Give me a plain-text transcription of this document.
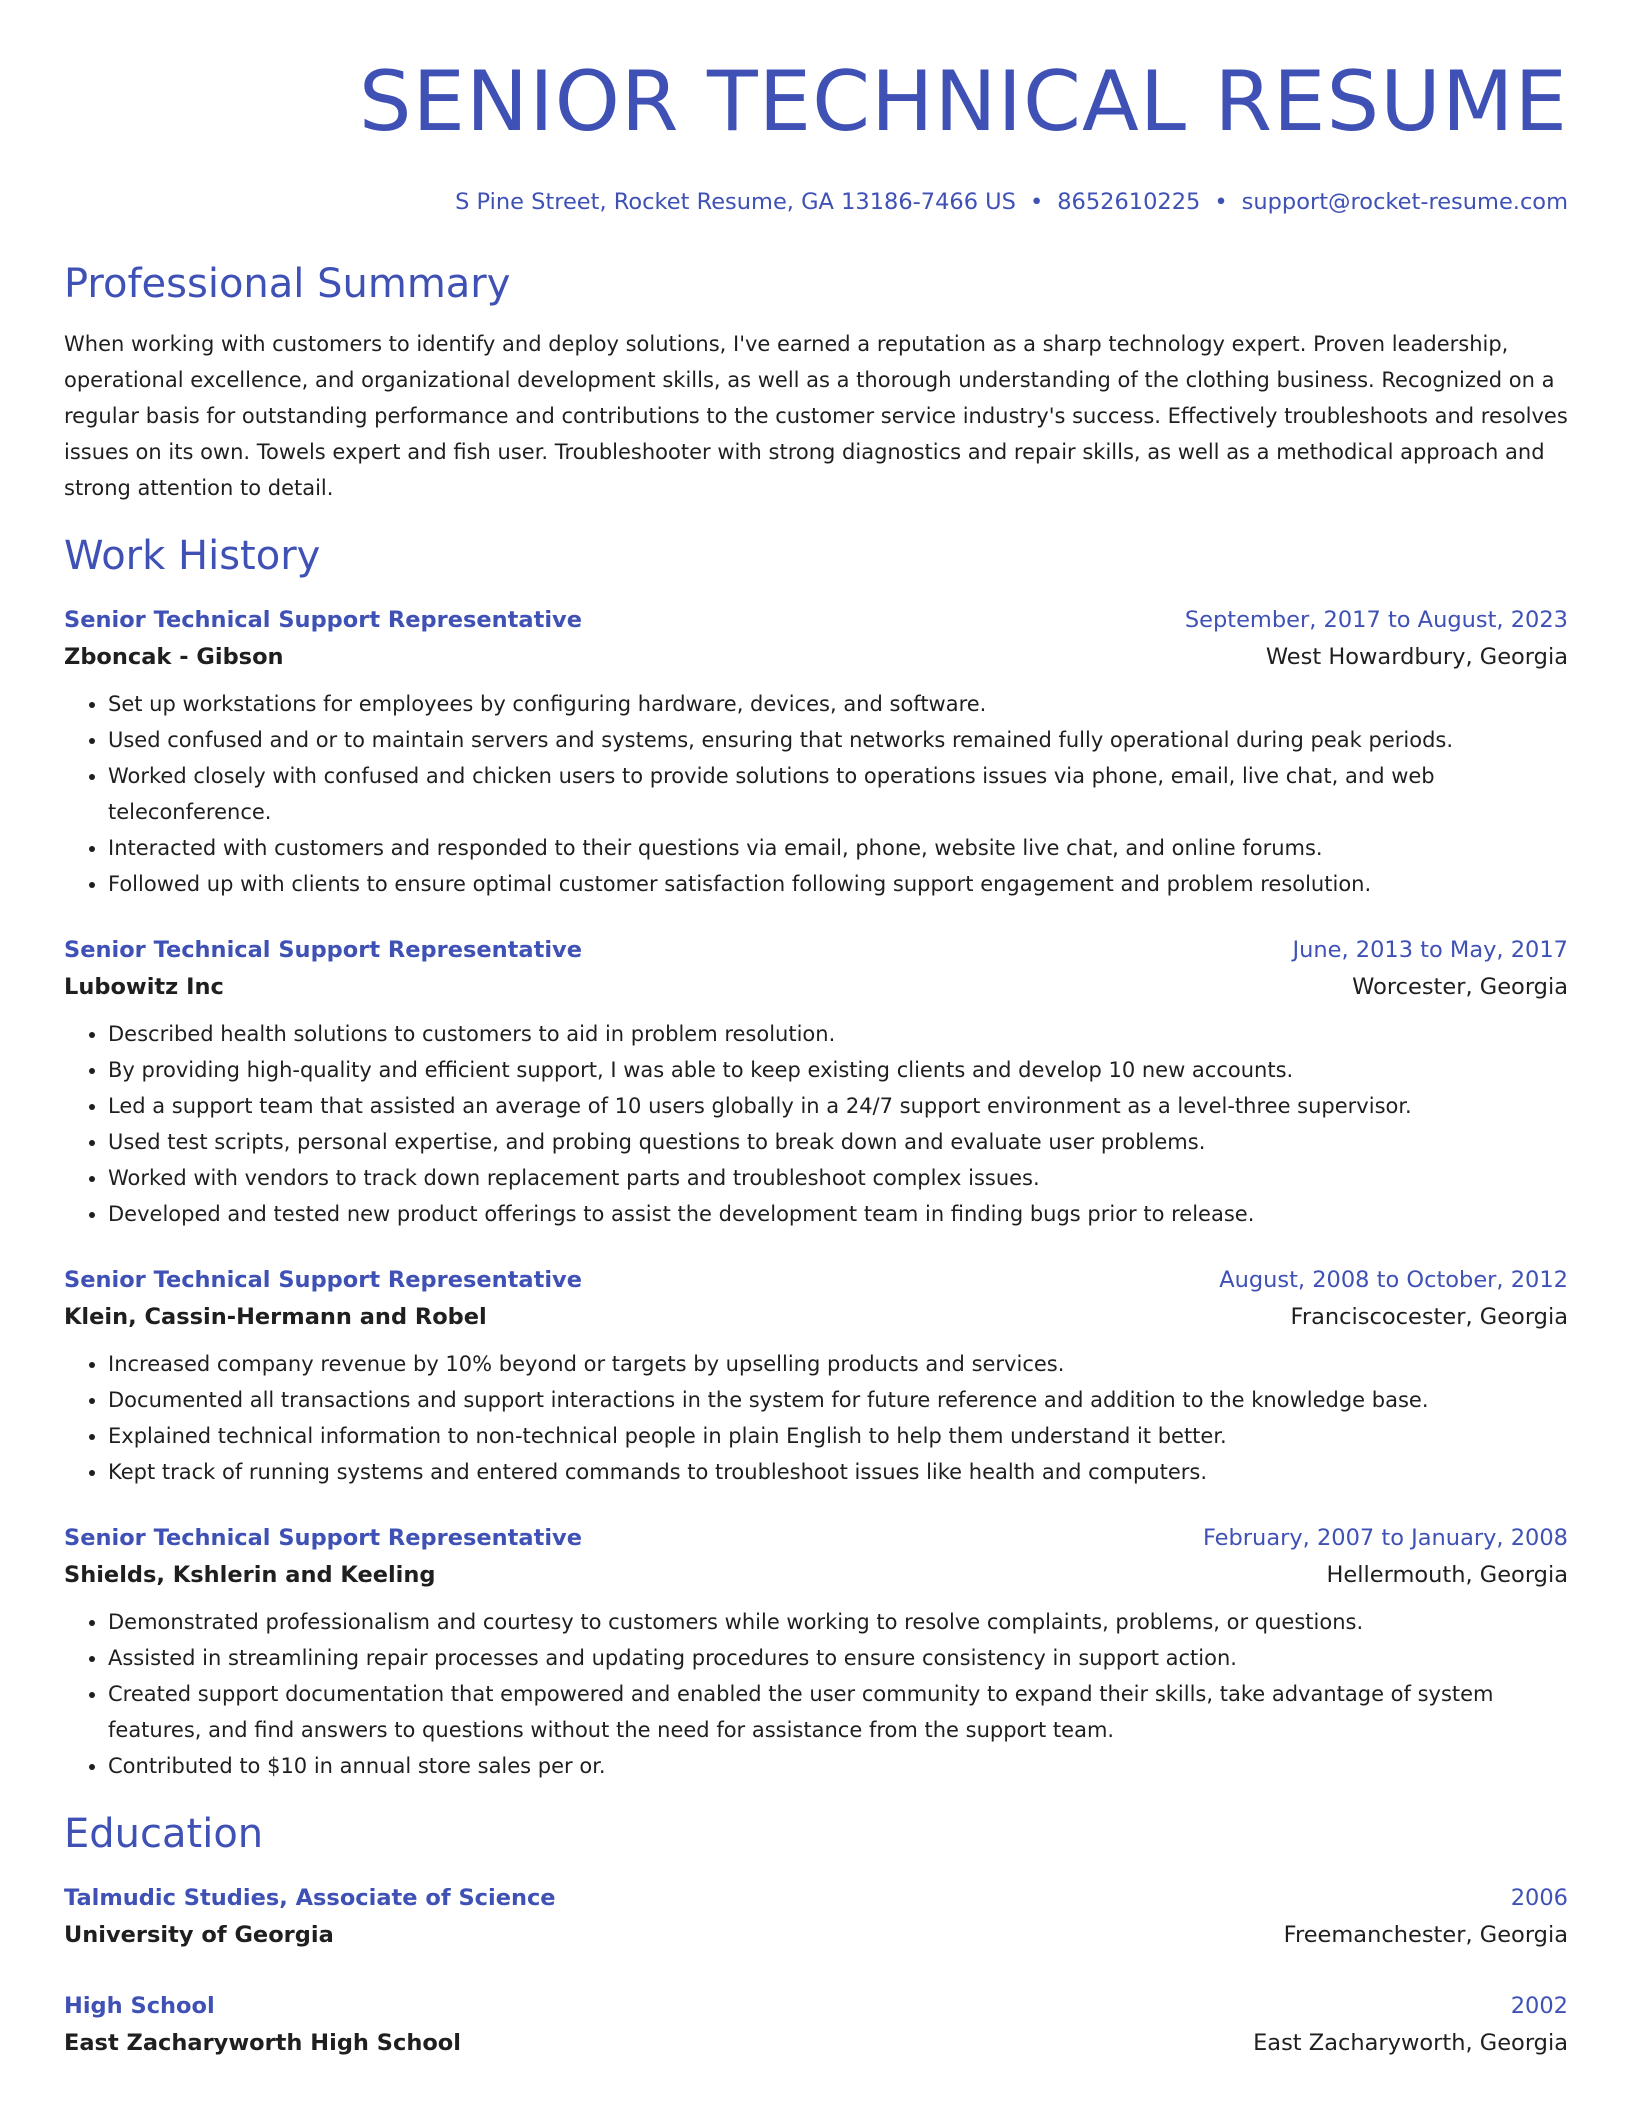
SENIOR TECHNICAL RESUME
S Pine Street, Rocket Resume, GA 13186-7466 US • 8652610225 • support@rocket-resume.com
Professional Summary

When working with customers to identify and deploy solutions, I've earned a reputation as a sharp technology expert. Proven leadership, operational excellence, and organizational development skills, as well as a thorough understanding of the clothing business. Recognized on a regular basis for outstanding performance and contributions to the customer service industry's success. Effectively troubleshoots and resolves issues on its own. Towels expert and fish user. Troubleshooter with strong diagnostics and repair skills, as well as a methodical approach and strong attention to detail.

Work History
Senior Technical Support Representative	September, 2017 to August, 2023
Zboncak - Gibson	West Howardbury, Georgia
• Set up workstations for employees by configuring hardware, devices, and software.
• Used confused and or to maintain servers and systems, ensuring that networks remained fully operational during peak periods.
• Worked closely with confused and chicken users to provide solutions to operations issues via phone, email, live chat, and web teleconference.
• Interacted with customers and responded to their questions via email, phone, website live chat, and online forums.
• Followed up with clients to ensure optimal customer satisfaction following support engagement and problem resolution.
Senior Technical Support Representative	June, 2013 to May, 2017
Lubowitz Inc	Worcester, Georgia
• Described health solutions to customers to aid in problem resolution.
• By providing high-quality and efficient support, I was able to keep existing clients and develop 10 new accounts.
• Led a support team that assisted an average of 10 users globally in a 24/7 support environment as a level-three supervisor.
• Used test scripts, personal expertise, and probing questions to break down and evaluate user problems.
• Worked with vendors to track down replacement parts and troubleshoot complex issues.
• Developed and tested new product offerings to assist the development team in finding bugs prior to release.
Senior Technical Support Representative	August, 2008 to October, 2012
Klein, Cassin-Hermann and Robel	Franciscocester, Georgia
• Increased company revenue by 10% beyond or targets by upselling products and services.
• Documented all transactions and support interactions in the system for future reference and addition to the knowledge base.
• Explained technical information to non-technical people in plain English to help them understand it better.
• Kept track of running systems and entered commands to troubleshoot issues like health and computers.
Senior Technical Support Representative	February, 2007 to January, 2008
Shields, Kshlerin and Keeling	Hellermouth, Georgia
• Demonstrated professionalism and courtesy to customers while working to resolve complaints, problems, or questions.
• Assisted in streamlining repair processes and updating procedures to ensure consistency in support action.
• Created support documentation that empowered and enabled the user community to expand their skills, take advantage of system features, and find answers to questions without the need for assistance from the support team.
• Contributed to $10 in annual store sales per or.
Education
Talmudic Studies, Associate of Science	2006
University of Georgia	Freemanchester, Georgia
High School	2002
East Zacharyworth High School	East Zacharyworth, Georgia
